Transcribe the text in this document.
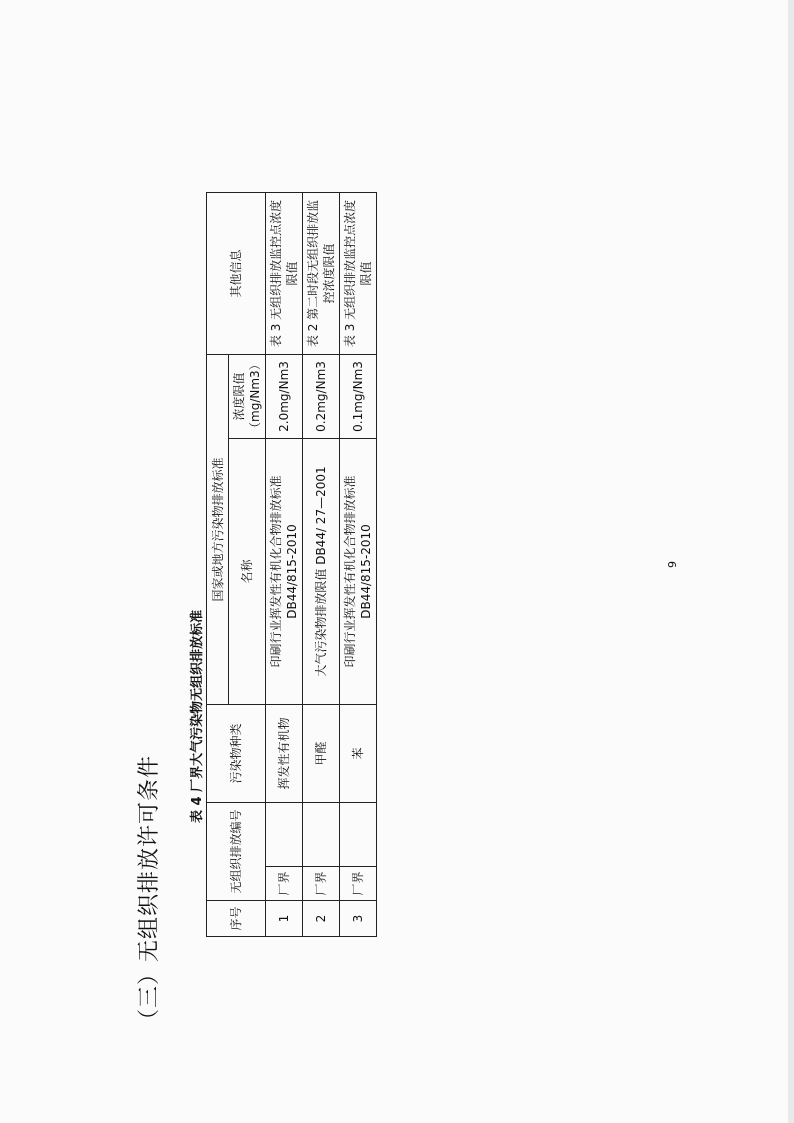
（三）无组织排放许可条件
表 4 厂界大气污染物无组织排放标准
序号	无组织排放编号		污染物种类	国家或地方污染物排放标准		其他信息
				名称	浓度限值（mg/Nm3）	
1	厂界		挥发性有机物	印刷行业挥发性有机化合物排放标准 DB44/815-2010	2.0mg/Nm3	表 3 无组织排放监控点浓度限值
2	厂界		甲醛	大气污染物排放限值 DB44/ 27—2001	0.2mg/Nm3	表 2 第二时段无组织排放监控浓度限值
3	厂界		苯	印刷行业挥发性有机化合物排放标准 DB44/815-2010	0.1mg/Nm3	表 3 无组织排放监控点浓度限值
9
